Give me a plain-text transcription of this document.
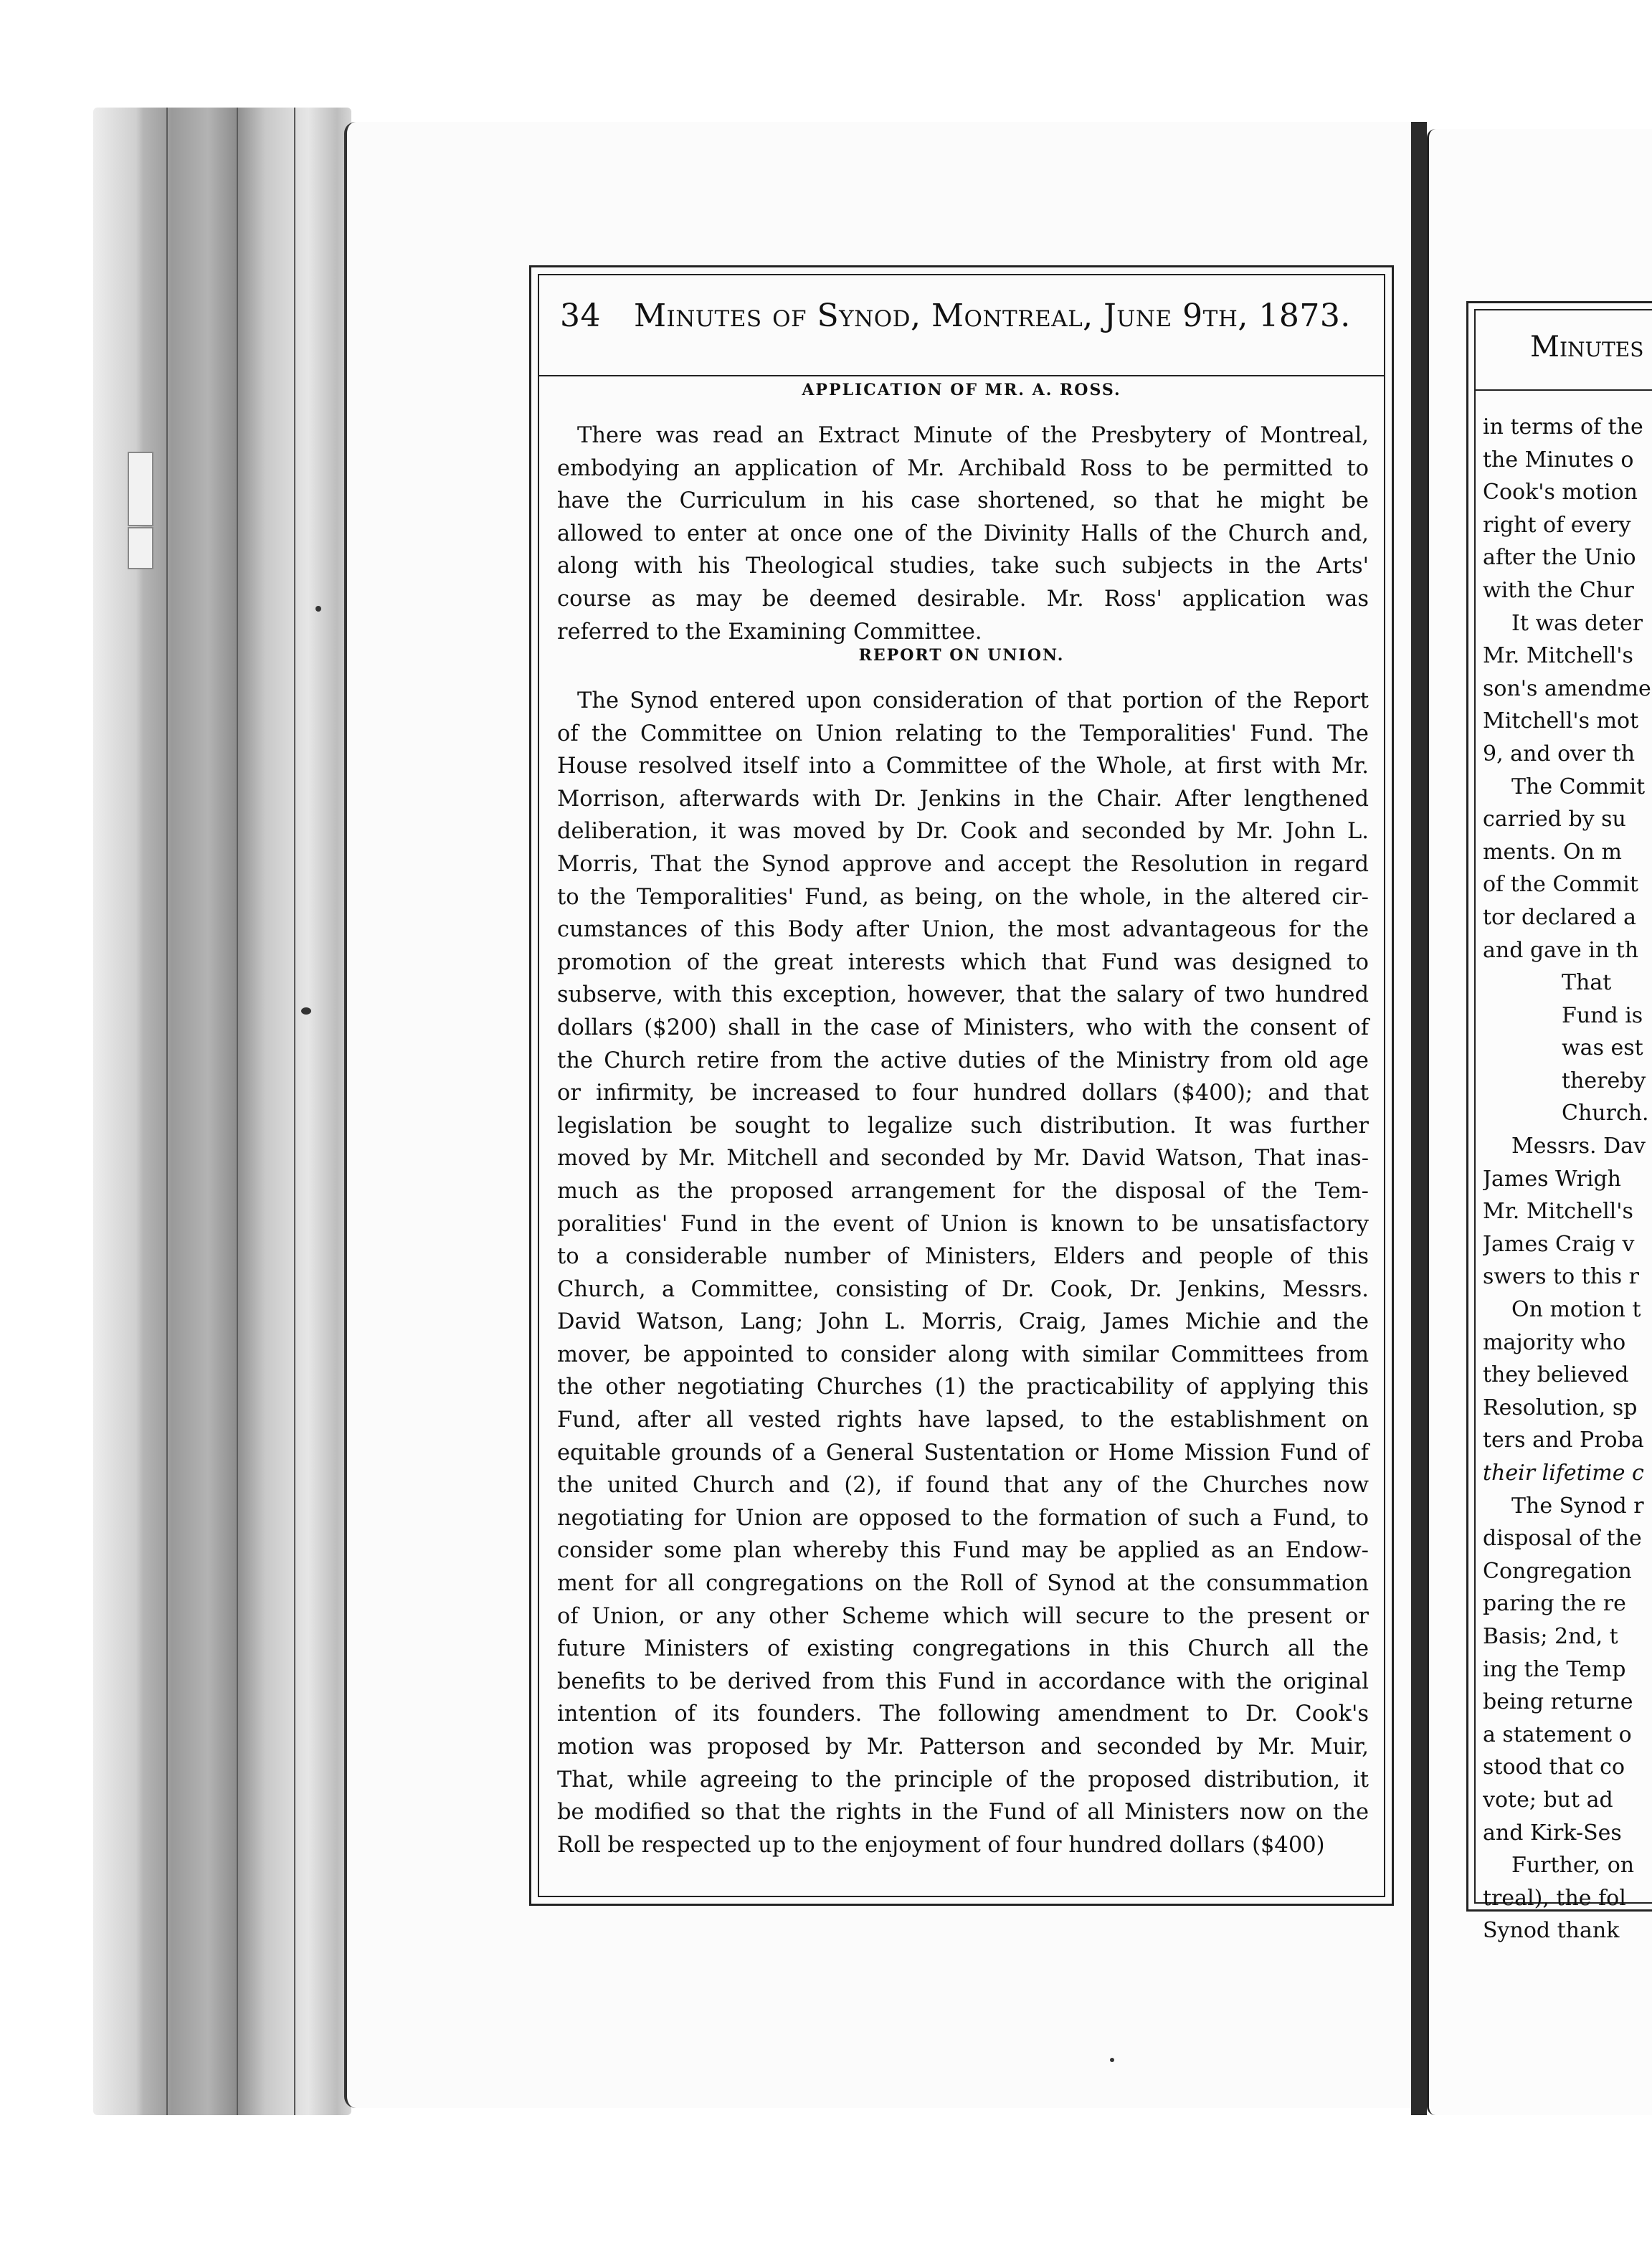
34 Minutes of Synod, Montreal, June 9th, 1873.
APPLICATION OF MR. A. ROSS.
There was read an Extract Minute of the Presbytery of Montreal,
embodying an application of Mr. Archibald Ross to be permitted to
have the Curriculum in his case shortened, so that he might be
allowed to enter at once one of the Divinity Halls of the Church and,
along with his Theological studies, take such subjects in the Arts'
course as may be deemed desirable. Mr. Ross' application was
referred to the Examining Committee.
REPORT ON UNION.
The Synod entered upon consideration of that portion of the Report
of the Committee on Union relating to the Temporalities' Fund. The
House resolved itself into a Committee of the Whole, at first with Mr.
Morrison, afterwards with Dr. Jenkins in the Chair. After lengthened
deliberation, it was moved by Dr. Cook and seconded by Mr. John L.
Morris, That the Synod approve and accept the Resolution in regard
to the Temporalities' Fund, as being, on the whole, in the altered cir-
cumstances of this Body after Union, the most advantageous for the
promotion of the great interests which that Fund was designed to
subserve, with this exception, however, that the salary of two hundred
dollars ($200) shall in the case of Ministers, who with the consent of
the Church retire from the active duties of the Ministry from old age
or infirmity, be increased to four hundred dollars ($400); and that
legislation be sought to legalize such distribution. It was further
moved by Mr. Mitchell and seconded by Mr. David Watson, That inas-
much as the proposed arrangement for the disposal of the Tem-
poralities' Fund in the event of Union is known to be unsatisfactory
to a considerable number of Ministers, Elders and people of this
Church, a Committee, consisting of Dr. Cook, Dr. Jenkins, Messrs.
David Watson, Lang; John L. Morris, Craig, James Michie and the
mover, be appointed to consider along with similar Committees from
the other negotiating Churches (1) the practicability of applying this
Fund, after all vested rights have lapsed, to the establishment on
equitable grounds of a General Sustentation or Home Mission Fund of
the united Church and (2), if found that any of the Churches now
negotiating for Union are opposed to the formation of such a Fund, to
consider some plan whereby this Fund may be applied as an Endow-
ment for all congregations on the Roll of Synod at the consummation
of Union, or any other Scheme which will secure to the present or
future Ministers of existing congregations in this Church all the
benefits to be derived from this Fund in accordance with the original
intention of its founders. The following amendment to Dr. Cook's
motion was proposed by Mr. Patterson and seconded by Mr. Muir,
That, while agreeing to the principle of the proposed distribution, it
be modified so that the rights in the Fund of all Ministers now on the
Roll be respected up to the enjoyment of four hundred dollars ($400)
Minutes
in terms of the
the Minutes o
Cook's motion
right of every
after the Unio
with the Chur
It was deter
Mr. Mitchell's
son's amendme
Mitchell's mot
9, and over th
The Commit
carried by su
ments. On m
of the Commit
tor declared a
and gave in th
That
Fund is
was est
thereby
Church.
Messrs. Dav
James Wrigh
Mr. Mitchell's
James Craig v
swers to this r
On motion t
majority who
they believed
Resolution, sp
ters and Proba
their lifetime c
The Synod r
disposal of the
Congregation
paring the re
Basis; 2nd, t
ing the Temp
being returne
a statement o
stood that co
vote; but ad
and Kirk-Ses
Further, on
treal), the fol
Synod thank
